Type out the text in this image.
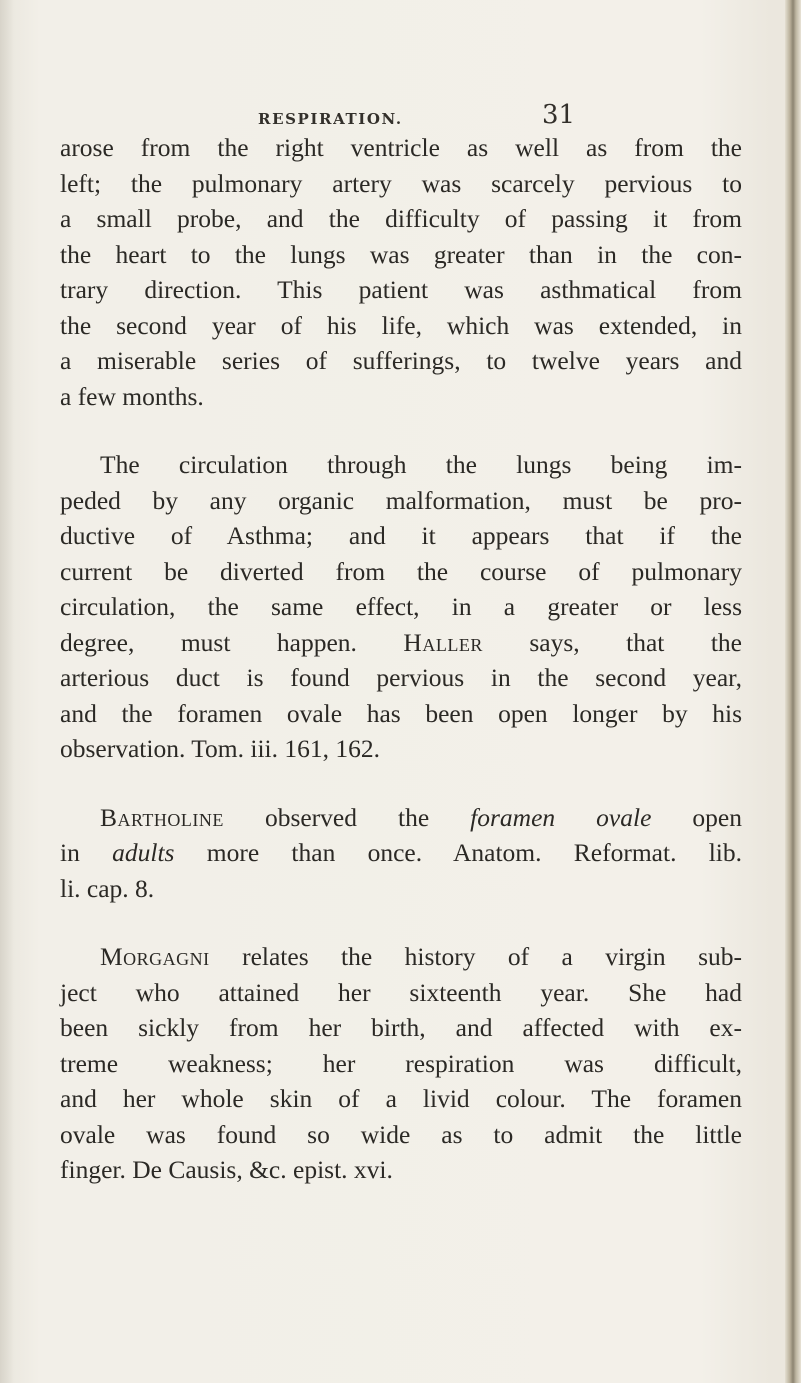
RESPIRATION.	31

arose from the right ventricle as well as from the
left; the pulmonary artery was scarcely pervious to
a small probe, and the difficulty of passing it from
the heart to the lungs was greater than in the con-
trary direction. This patient was asthmatical from
the second year of his life, which was extended, in
a miserable series of sufferings, to twelve years and
a few months.

The circulation through the lungs being im-
peded by any organic malformation, must be pro-
ductive of Asthma; and it appears that if the
current be diverted from the course of pulmonary
circulation, the same effect, in a greater or less
degree, must happen. Haller says, that the
arterious duct is found pervious in the second year,
and the foramen ovale has been open longer by his
observation. Tom. iii. 161, 162.

Bartholine observed the foramen ovale open
in adults more than once. Anatom. Reformat. lib.
li. cap. 8.

Morgagni relates the history of a virgin sub-
ject who attained her sixteenth year. She had
been sickly from her birth, and affected with ex-
treme weakness; her respiration was difficult,
and her whole skin of a livid colour. The foramen
ovale was found so wide as to admit the little
finger. De Causis, &c. epist. xvi.
